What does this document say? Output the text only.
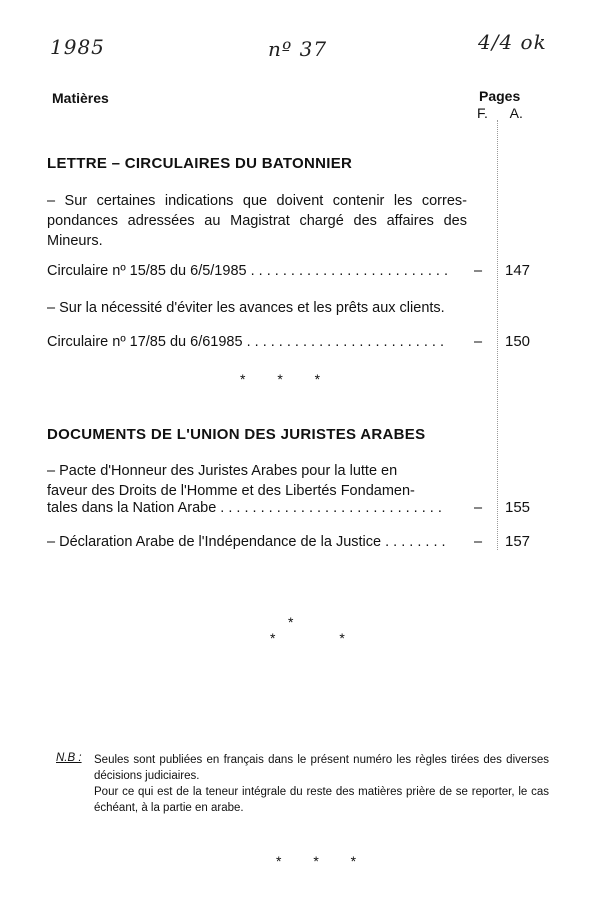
1985	nº 37	4/4 ok
Matières	Pages
F. A.
LETTRE – CIRCULAIRES DU BATONNIER
– Sur certaines indications que doivent contenir les corres-pondances adressées au Magistrat chargé des affaires des Mineurs.
Circulaire nº 15/85 du 6/5/1985 . . .	– 147
– Sur la nécessité d'éviter les avances et les prêts aux clients.
Circulaire nº 17/85 du 6/61985 . . .	– 150
* * *
DOCUMENTS DE L'UNION DES JURISTES ARABES
– Pacte d'Honneur des Juristes Arabes pour la lutte en
faveur des Droits de l'Homme et des Libertés Fondamen-
tales dans la Nation Arabe . . .	– 155
– Déclaration Arabe de l'Indépendance de la Justice . . .	– 157
*
* *
N.B : Seules sont publiées en français dans le présent numéro les règles tirées des diverses décisions judiciaires.
Pour ce qui est de la teneur intégrale du reste des matières prière de se reporter, le cas échéant, à la partie en arabe.
* * *
